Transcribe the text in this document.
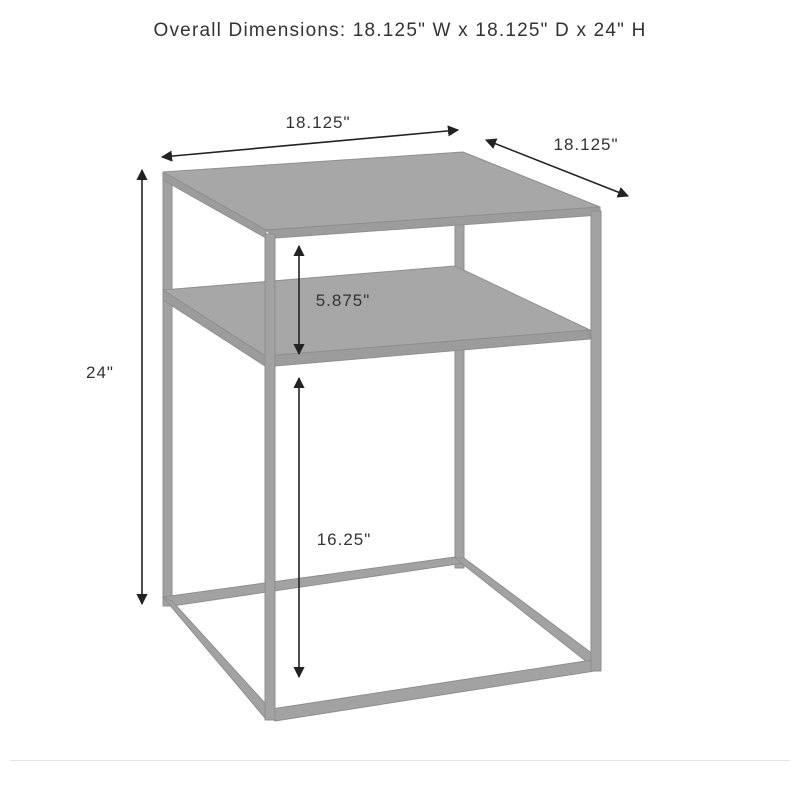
Overall Dimensions: 18.125" W x 18.125" D x 24" H
18.125"
18.125"
24"
5.875"
16.25"
